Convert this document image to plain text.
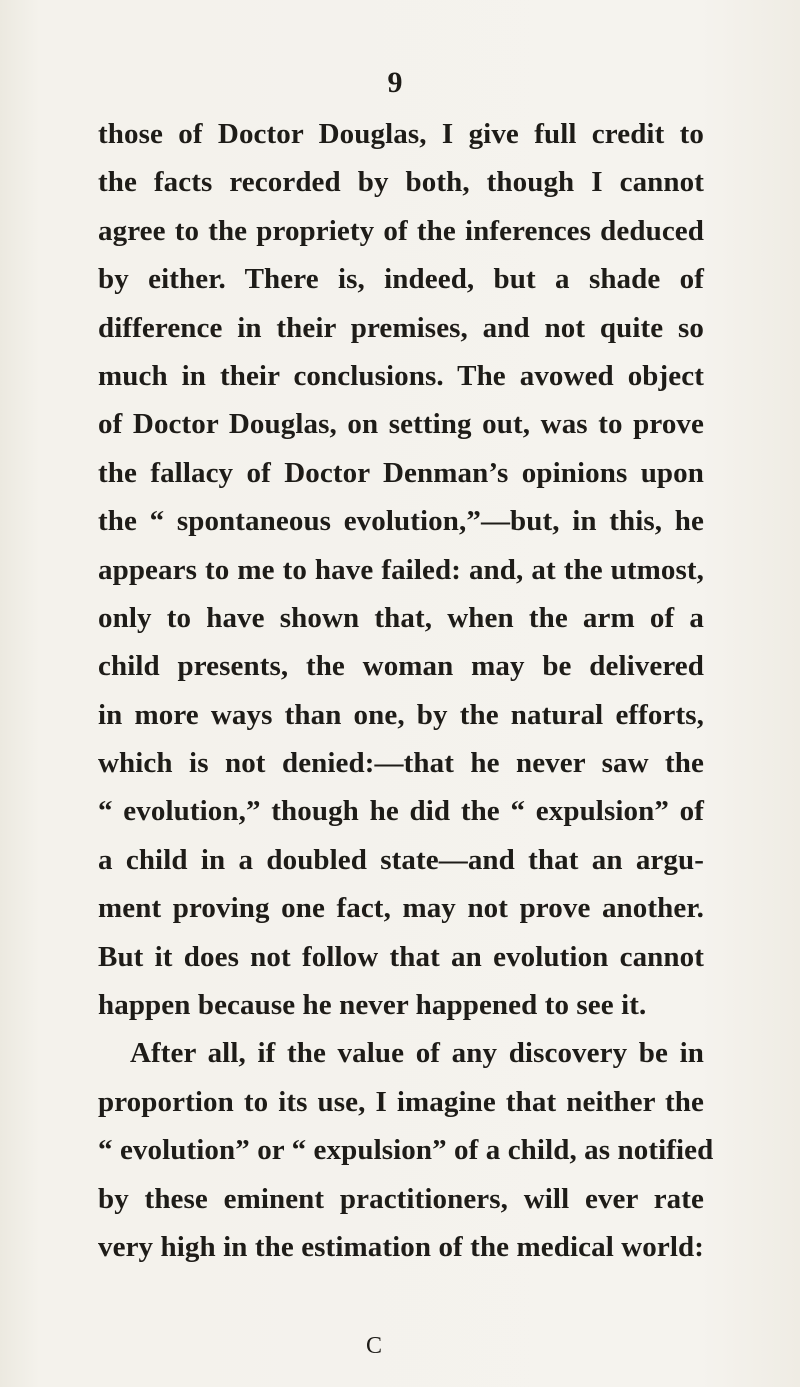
9
those of Doctor Douglas, I give full credit to
the facts recorded by both, though I cannot
agree to the propriety of the inferences deduced
by either. There is, indeed, but a shade of
difference in their premises, and not quite so
much in their conclusions. The avowed object
of Doctor Douglas, on setting out, was to prove
the fallacy of Doctor Denman’s opinions upon
the “ spontaneous evolution,”—but, in this, he
appears to me to have failed: and, at the utmost,
only to have shown that, when the arm of a
child presents, the woman may be delivered
in more ways than one, by the natural efforts,
which is not denied:—that he never saw the
“ evolution,” though he did the “ expulsion” of
a child in a doubled state—and that an argu-
ment proving one fact, may not prove another.
But it does not follow that an evolution cannot
happen because he never happened to see it.
After all, if the value of any discovery be in
proportion to its use, I imagine that neither the
“ evolution” or “ expulsion” of a child, as notified
by these eminent practitioners, will ever rate
very high in the estimation of the medical world:
C
